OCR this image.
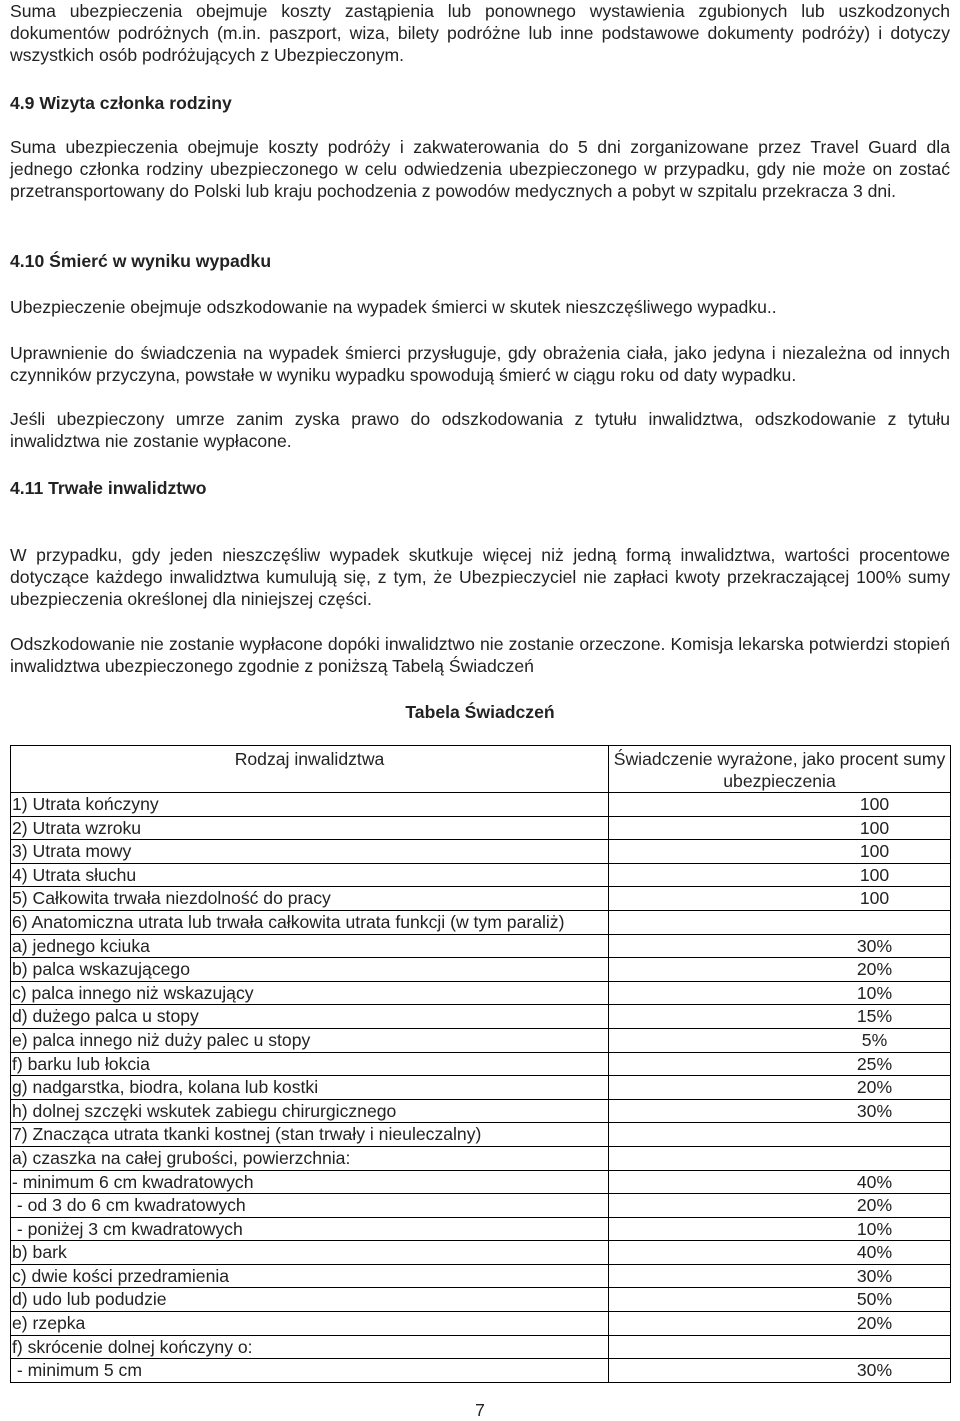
Suma ubezpieczenia obejmuje koszty zastąpienia lub ponownego wystawienia zgubionych lub uszkodzonych dokumentów podróżnych (m.in. paszport, wiza, bilety podróżne lub inne podstawowe dokumenty podróży) i dotyczy wszystkich osób podróżujących z Ubezpieczonym.

4.9 Wizyta członka rodziny

Suma ubezpieczenia obejmuje koszty podróży i zakwaterowania do 5 dni zorganizowane przez Travel Guard dla jednego członka rodziny ubezpieczonego w celu odwiedzenia ubezpieczonego w przypadku, gdy nie może on zostać przetransportowany do Polski lub kraju pochodzenia z powodów medycznych a pobyt w szpitalu przekracza 3 dni.

4.10 Śmierć w wyniku wypadku

Ubezpieczenie obejmuje odszkodowanie na wypadek śmierci w skutek nieszczęśliwego wypadku..

Uprawnienie do świadczenia na wypadek śmierci przysługuje, gdy obrażenia ciała, jako jedyna i niezależna od innych czynników przyczyna, powstałe w wyniku wypadku spowodują śmierć w ciągu roku od daty wypadku.

Jeśli ubezpieczony umrze zanim zyska prawo do odszkodowania z tytułu inwalidztwa, odszkodowanie z tytułu inwalidztwa nie zostanie wypłacone.

4.11 Trwałe inwalidztwo

W przypadku, gdy jeden nieszczęśliw wypadek skutkuje więcej niż jedną formą inwalidztwa, wartości procentowe dotyczące każdego inwalidztwa kumulują się, z tym, że Ubezpieczyciel nie zapłaci kwoty przekraczającej 100% sumy ubezpieczenia określonej dla niniejszej części.

Odszkodowanie nie zostanie wypłacone dopóki inwalidztwo nie zostanie orzeczone. Komisja lekarska potwierdzi stopień inwalidztwa ubezpieczonego zgodnie z poniższą Tabelą Świadczeń

Tabela Świadczeń
Rodzaj inwalidztwa	Świadczenie wyrażone, jako procent sumy ubezpieczenia
1) Utrata kończyny	100
2) Utrata wzroku	100
3) Utrata mowy	100
4) Utrata słuchu	100
5) Całkowita trwała niezdolność do pracy	100
6) Anatomiczna utrata lub trwała całkowita utrata funkcji (w tym paraliż)	
a) jednego kciuka	30%
b) palca wskazującego	20%
c) palca innego niż wskazujący	10%
d) dużego palca u stopy	15%
e) palca innego niż duży palec u stopy	5%
f) barku lub łokcia	25%
g) nadgarstka, biodra, kolana lub kostki	20%
h) dolnej szczęki wskutek zabiegu chirurgicznego	30%
7) Znacząca utrata tkanki kostnej (stan trwały i nieuleczalny)	
a) czaszka na całej grubości, powierzchnia:	
- minimum 6 cm kwadratowych	40%
- od 3 do 6 cm kwadratowych	20%
- poniżej 3 cm kwadratowych	10%
b) bark	40%
c) dwie kości przedramienia	30%
d) udo lub podudzie	50%
e) rzepka	20%
f) skrócenie dolnej kończyny o:	
- minimum 5 cm	30%
7
